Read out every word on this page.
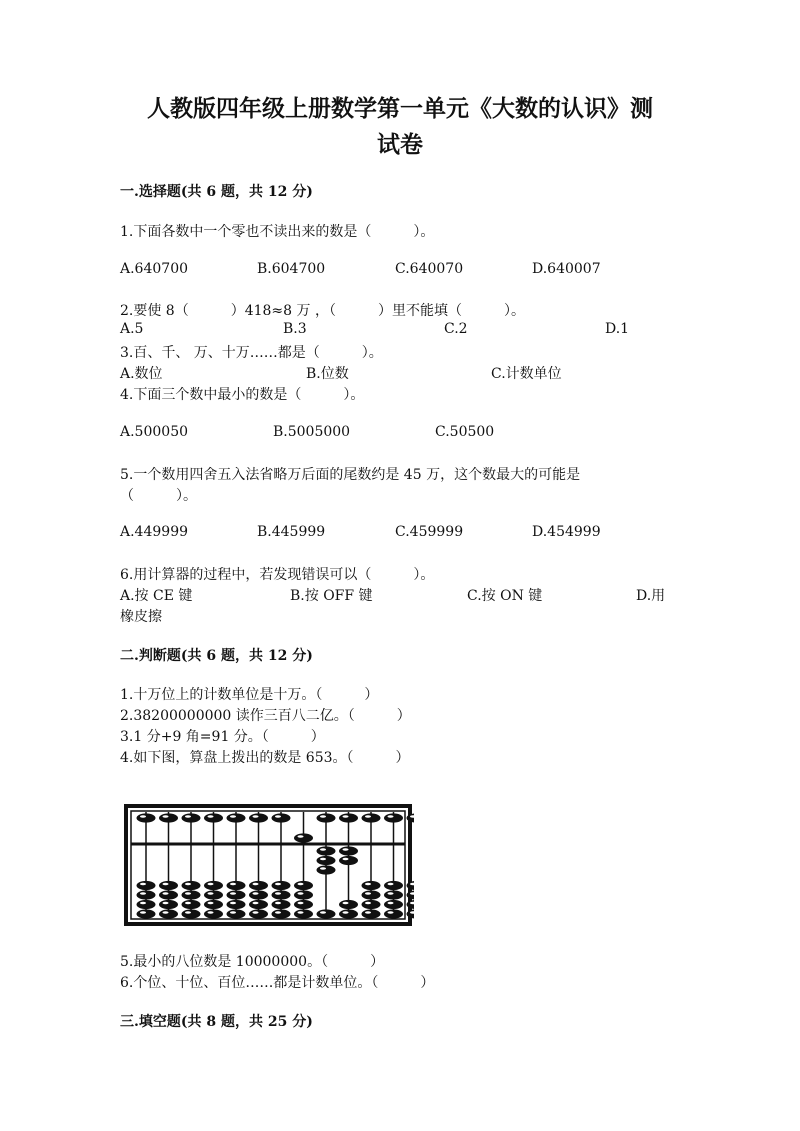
人教版四年级上册数学第一单元《大数的认识》测
试卷
一.选择题(共 6 题，共 12 分)
1.下面各数中一个零也不读出来的数是（　　　）。
A.640700	B.604700	C.640070	D.640007
2.要使 8（　　　）418≈8 万 ，（　　　）里不能填（　　　）。
A.5	B.3	C.2	D.1
3.百、千、 万、十万……都是（　　　）。
A.数位	B.位数	C.计数单位
4.下面三个数中最小的数是（　　　）。
A.500050	B.5005000	C.50500
5.一个数用四舍五入法省略万后面的尾数约是 45 万，这个数最大的可能是
（　　　）。
A.449999	B.445999	C.459999	D.454999
6.用计算器的过程中，若发现错误可以（　　　）。
A.按 CE 键	B.按 OFF 键	C.按 ON 键	D.用
橡皮擦
二.判断题(共 6 题，共 12 分)
1.十万位上的计数单位是十万。（　　　）
2.38200000000 读作三百八二亿。（　　　）
3.1 分+9 角=91 分。（　　　）
4.如下图，算盘上拨出的数是 653。（　　　）
5.最小的八位数是 10000000。（　　　）
6.个位、十位、百位……都是计数单位。（　　　）
三.填空题(共 8 题，共 25 分)
